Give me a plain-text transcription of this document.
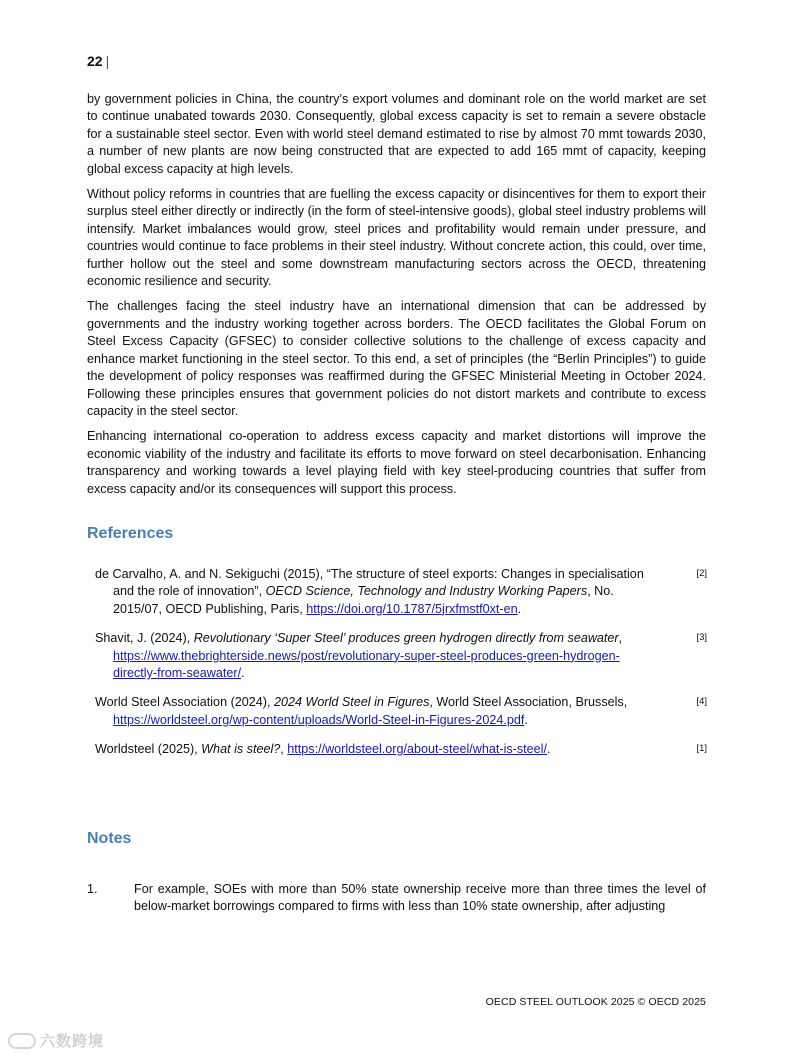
22 |

by government policies in China, the country’s export volumes and dominant role on the world market are set to continue unabated towards 2030. Consequently, global excess capacity is set to remain a severe obstacle for a sustainable steel sector. Even with world steel demand estimated to rise by almost 70 mmt towards 2030, a number of new plants are now being constructed that are expected to add 165 mmt of capacity, keeping global excess capacity at high levels.

Without policy reforms in countries that are fuelling the excess capacity or disincentives for them to export their surplus steel either directly or indirectly (in the form of steel-intensive goods), global steel industry problems will intensify. Market imbalances would grow, steel prices and profitability would remain under pressure, and countries would continue to face problems in their steel industry. Without concrete action, this could, over time, further hollow out the steel and some downstream manufacturing sectors across the OECD, threatening economic resilience and security.

The challenges facing the steel industry have an international dimension that can be addressed by governments and the industry working together across borders. The OECD facilitates the Global Forum on Steel Excess Capacity (GFSEC) to consider collective solutions to the challenge of excess capacity and enhance market functioning in the steel sector. To this end, a set of principles (the “Berlin Principles”) to guide the development of policy responses was reaffirmed during the GFSEC Ministerial Meeting in October 2024. Following these principles ensures that government policies do not distort markets and contribute to excess capacity in the steel sector.

Enhancing international co-operation to address excess capacity and market distortions will improve the economic viability of the industry and facilitate its efforts to move forward on steel decarbonisation. Enhancing transparency and working towards a level playing field with key steel-producing countries that suffer from excess capacity and/or its consequences will support this process.

References
de Carvalho, A. and N. Sekiguchi (2015), “The structure of steel exports: Changes in specialisation and the role of innovation”, OECD Science, Technology and Industry Working Papers, No. 2015/07, OECD Publishing, Paris, https://doi.org/10.1787/5jrxfmstf0xt-en.
[2]
Shavit, J. (2024), Revolutionary ‘Super Steel’ produces green hydrogen directly from seawater, https://www.thebrighterside.news/post/revolutionary-super-steel-produces-green-hydrogen-directly-from-seawater/.
[3]
World Steel Association (2024), 2024 World Steel in Figures, World Steel Association, Brussels, https://worldsteel.org/wp-content/uploads/World-Steel-in-Figures-2024.pdf.
[4]
Worldsteel (2025), What is steel?, https://worldsteel.org/about-steel/what-is-steel/.	[1]
Notes
1.	For example, SOEs with more than 50% state ownership receive more than three times the level of below-market borrowings compared to firms with less than 10% state ownership, after adjusting
OECD STEEL OUTLOOK 2025 © OECD 2025
六数跨境
